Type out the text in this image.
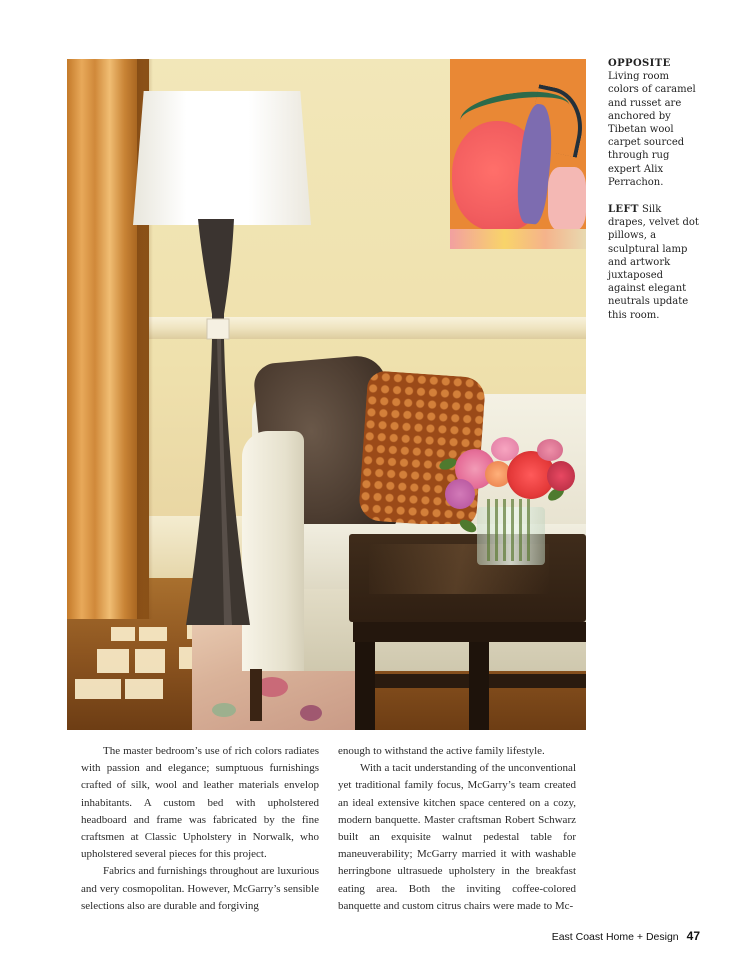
OPPOSITE Living room colors of caramel and russet are anchored by Tibetan wool carpet sourced through rug expert Alix Perrachon.
LEFT Silk drapes, velvet dot pillows, a sculptural lamp and artwork juxtaposed against elegant neutrals update this room.

The master bedroom’s use of rich colors radiates with passion and elegance; sumptuous furnishings crafted of silk, wool and leather materials envelop inhabitants. A custom bed with upholstered headboard and frame was fabricated by the fine craftsmen at Classic Upholstery in Norwalk, who upholstered several pieces for this project.

Fabrics and furnishings throughout are luxurious and very cosmopolitan. However, McGarry’s sensible selections also are durable and forgiving

enough to withstand the active family lifestyle.

With a tacit understanding of the unconventional yet traditional family focus, McGarry’s team created an ideal extensive kitchen space centered on a cozy, modern banquette. Master craftsman Robert Schwarz built an exquisite walnut pedestal table for maneuverability; McGarry married it with washable herringbone ultrasuede upholstery in the breakfast eating area. Both the inviting coffee-colored banquette and custom citrus chairs were made to Mc-

East Coast Home + Design 47
